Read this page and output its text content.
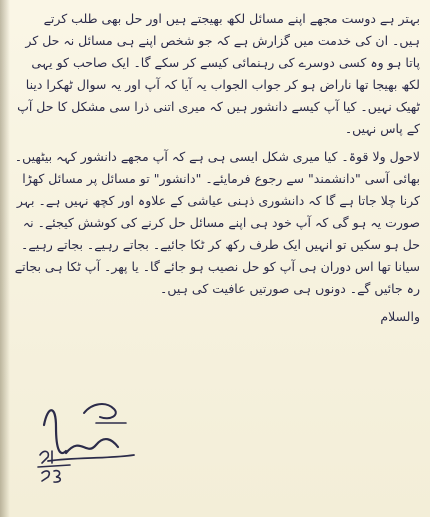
بہتر ہے دوست مجھے اپنے مسائل لکھ بھیجتے ہیں اور حل بھی طلب کرتے ہیں۔ ان کی خدمت میں گزارش ہے کہ جو شخص اپنے ہی مسائل نہ حل کر پاتا ہو وہ کسی دوسرے کی رہنمائی کیسے کر سکے گا۔ ایک صاحب کو یہی لکھ بھیجا تھا ناراض ہو کر جواب الجواب یہ آیا کہ آپ اور یہ سوال ٹھکرا دینا ٹھیک نہیں۔ کیا آپ کیسے دانشور ہیں کہ میری اتنی ذرا سی مشکل کا حل آپ کے پاس نہیں۔

لاحول ولا قوۃ۔ کیا میری شکل ایسی ہی ہے کہ آپ مجھے دانشور کہہ بیٹھیں۔ بھائی آسی "دانشمند" سے رجوع فرمایئے۔ "دانشور" تو مسائل پر مسائل کھڑا کرنا چلا جاتا ہے گا کہ دانشوری ذہنی عیاشی کے علاوہ اور کچھ نہیں ہے۔ بہر صورت یہ ہو گی کہ آپ خود ہی اپنے مسائل حل کرنے کی کوشش کیجئے۔ نہ حل ہو سکیں تو انہیں ایک طرف رکھ کر ٹکا جائیے۔ بجاتے رہیے۔ بجاتے رہیے۔ سیانا تھا اس دوران ہی آپ کو حل نصیب ہو جائے گا۔ یا پھر۔ آپ ٹکا ہی بجاتے رہ جائیں گے۔ دونوں ہی صورتیں عافیت کی ہیں۔

والسلام
